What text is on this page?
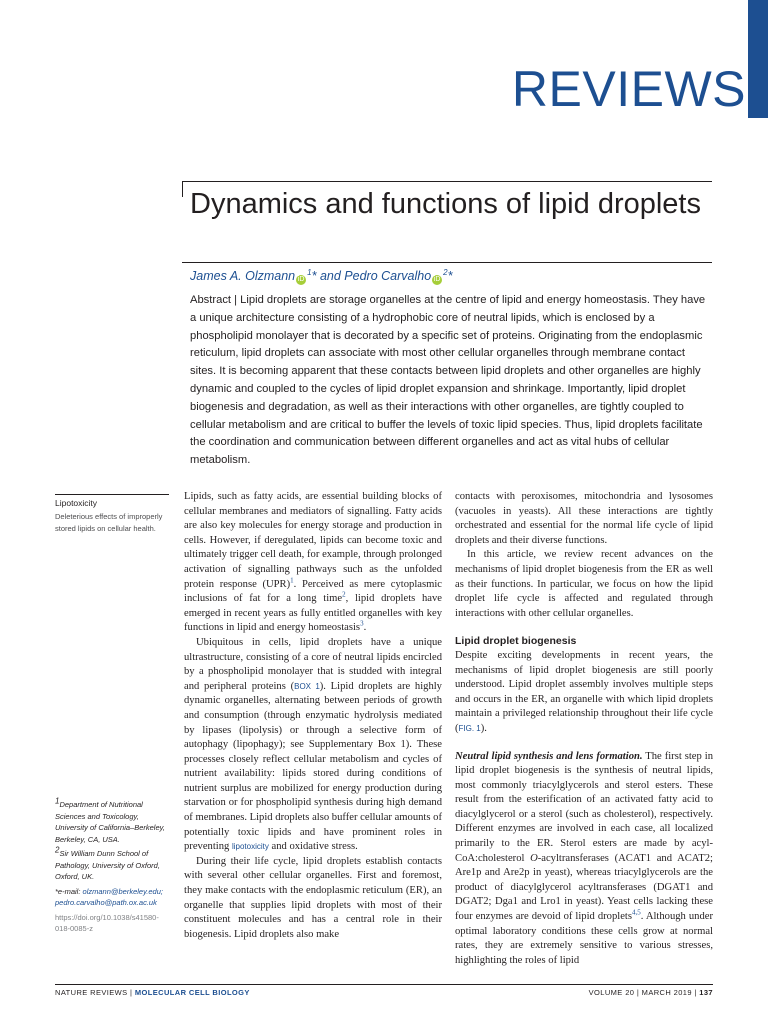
REVIEWS
Dynamics and functions of lipid droplets
James A. Olzmann $iD^1*$ and Pedro Carvalho $iD^2*$
Abstract | Lipid droplets are storage organelles at the centre of lipid and energy homeostasis. They have a unique architecture consisting of a hydrophobic core of neutral lipids, which is enclosed by a phospholipid monolayer that is decorated by a specific set of proteins. Originating from the endoplasmic reticulum, lipid droplets can associate with most other cellular organelles through membrane contact sites. It is becoming apparent that these contacts between lipid droplets and other organelles are highly dynamic and coupled to the cycles of lipid droplet expansion and shrinkage. Importantly, lipid droplet biogenesis and degradation, as well as their interactions with other organelles, are tightly coupled to cellular metabolism and are critical to buffer the levels of toxic lipid species. Thus, lipid droplets facilitate the coordination and communication between different organelles and act as vital hubs of cellular metabolism.
Lipotoxicity
Deleterious effects of improperly stored lipids on cellular health.

$^1$Department of Nutritional Sciences and Toxicology, University of California–Berkeley, Berkeley, CA, USA.

$^2$Sir William Dunn School of Pathology, University of Oxford, Oxford, UK.

*e-mail: olzmann@berkeley.edu; pedro.carvalho@path.ox.ac.uk

https://doi.org/10.1038/s41580-018-0085-z

Lipids, such as fatty acids, are essential building blocks of cellular membranes and mediators of signalling. Fatty acids are also key molecules for energy storage and production in cells. However, if deregulated, lipids can become toxic and ultimately trigger cell death, for example, through prolonged activation of signalling pathways such as the unfolded protein response (UPR)$^1$. Perceived as mere cytoplasmic inclusions of fat for a long time$^2$, lipid droplets have emerged in recent years as fully entitled organelles with key functions in lipid and energy homeostasis$^3$.

Ubiquitous in cells, lipid droplets have a unique ultrastructure, consisting of a core of neutral lipids encircled by a phospholipid monolayer that is studded with integral and peripheral proteins (BOX 1). Lipid droplets are highly dynamic organelles, alternating between periods of growth and consumption (through enzymatic hydrolysis mediated by lipases (lipolysis) or through a selective form of autophagy (lipophagy); see Supplementary Box 1). These processes closely reflect cellular metabolism and cycles of nutrient availability: lipids stored during conditions of nutrient surplus are mobilized for energy production during starvation or for phospholipid synthesis during high demand of membranes. Lipid droplets also buffer cellular amounts of potentially toxic lipids and have prominent roles in preventing lipotoxicity and oxidative stress.

During their life cycle, lipid droplets establish contacts with several other cellular organelles. First and foremost, they make contacts with the endoplasmic reticulum (ER), an organelle that supplies lipid droplets with most of their constituent molecules and has a central role in their biogenesis. Lipid droplets also make

contacts with peroxisomes, mitochondria and lysosomes (vacuoles in yeasts). All these interactions are tightly orchestrated and essential for the normal life cycle of lipid droplets and their diverse functions.

In this article, we review recent advances on the mechanisms of lipid droplet biogenesis from the ER as well as their functions. In particular, we focus on how the lipid droplet life cycle is affected and regulated through interactions with other cellular organelles.

Lipid droplet biogenesis

Despite exciting developments in recent years, the mechanisms of lipid droplet biogenesis are still poorly understood. Lipid droplet assembly involves multiple steps and occurs in the ER, an organelle with which lipid droplets maintain a privileged relationship throughout their life cycle (FIG. 1).

Neutral lipid synthesis and lens formation. The first step in lipid droplet biogenesis is the synthesis of neutral lipids, most commonly triacylglycerols and sterol esters. These result from the esterification of an activated fatty acid to diacylglycerol or a sterol (such as cholesterol), respectively. Different enzymes are involved in each case, all localized primarily to the ER. Sterol esters are made by acyl-CoA:cholesterol O-acyltransferases (ACAT1 and ACAT2; Are1p and Are2p in yeast), whereas triacylglycerols are the product of diacylglycerol acyltransferases (DGAT1 and DGAT2; Dga1 and Lro1 in yeast). Yeast cells lacking these four enzymes are devoid of lipid droplets$^{4,5}$. Although under optimal laboratory conditions these cells grow at normal rates, they are extremely sensitive to various stresses, highlighting the roles of lipid

NATURE REVIEWS | MOLECULAR CELL BIOLOGY	VOLUME 20 | MARCH 2019 | 137
